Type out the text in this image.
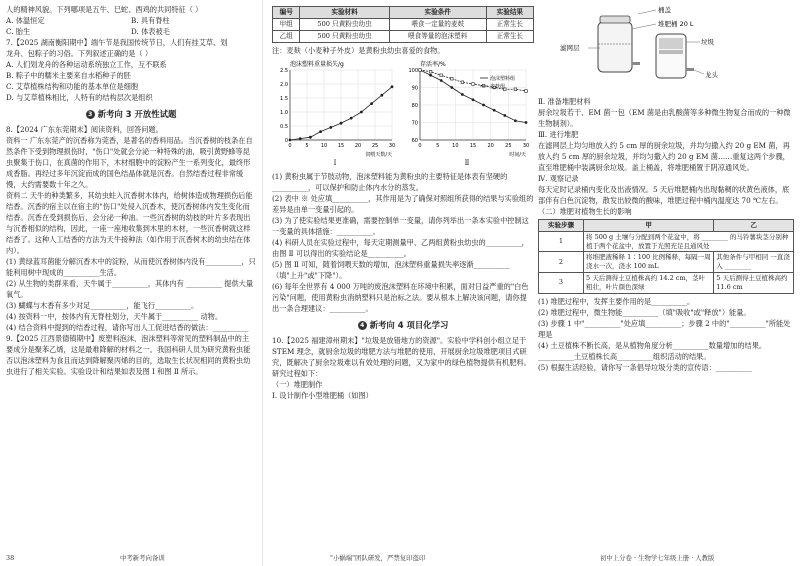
人的精神风貌。下列哪项是五牛、巳蛇、酉鸡的共同特征（ ）

A. 体温恒定	B. 具有脊柱
C. 胎生	D. 体表被毛

7.【2025 湖南衡阳期中】端午节是我国传统节日，人们有挂艾草、划

龙舟、包粽子的习俗。下列叙述正确的是（ ）

A. 人们划龙舟的各种运动系统独立工作，互不联系

B. 粽子中的糯米主要来自水稻种子的胚

C. 艾草植株结构和功能的基本单位是细胞

D. 与艾草植株相比，人特有的结构层次是组织

3 新考向 3 开放性试题

8.【2024 广东东莞期末】阅读资料，回答问题。

资料一 广东东莞产的沉香称为莞香，是著名的香料用品。当沉香树的枝条在自然条件下受到物理损伤时，"伤口"处就会分泌一种特殊的油，吸引黄野蜂等昆虫聚集于伤口，在真菌的作用下，木材细胞中的淀粉产生一系列变化，最终形成香脂。再经过多年沉淀而成的国色结晶体就是沉香。自然结香过程非常缓慢，大约需要数十年之久。

资料二 天牛的种类繁多，其幼虫蛀入沉香树木体内，给树体造成物理损伤后能结香。沉香的宿主以在宿主的"伤口"处侵入沉香木，使沉香树体内发生变化而结香。沉香在受到损伤后，会分泌一种油。一些沉香树的幼枝的叶片多表现出与沉香相似的结构，因此，一座一座地收集到木里的木材，一些沉香树就这样结香了。这种人工结香的方法为天牛接种法（如作用于沉香树木的幼虫结在体内）。

(1) 黄绿蓝耳菌能分解沉香木中的淀粉，从而使沉香树体内没有__________，只能利用树中现成的__________生活。

(2) 从生物的类群来看，天牛属于__________，其体内有 __________ 提供大量氧气。

(3) 蝴蝶与木香有多少对足__________，能飞行__________。

(4) 按资料一中，按体内有无脊柱划分，天牛属于__________ 动物。

(4) 结合资料中提到的结香过程，请你写出人工促进结香的做法：__________

9.【2025 江西景德镇期中】废塑料泡沫、泡沫塑料等常见的塑料制品中的主要成分是聚苯乙烯，这是最难降解的材料之一。我国科研人员为研究黄粉虫能否以泡沫塑料为食且而达到降解聚丙烯的目的，选取生长状况相同的黄粉虫幼虫进行了相关实验。实验设计和结果如表及图 Ⅰ 和图 Ⅱ 所示。

编号	实验材料	实验条件	实验结果
甲组	500 只黄粉虫幼虫	喂食一定量的麦麸	正常生长
乙组	500 只黄粉虫幼虫	喂食等量的泡沫塑料	正常生长

注：麦麸（小麦种子外皮）是黄粉虫幼虫喜爱的食物。

泡沫塑料重量损失/g
0
0.5
1.0
1.5
2.0
2.5
0	5 10 15 20 25 30
饲喂天数/天
Ⅰ
存活率/%
60
70
80
90
100
0	5	10 15 20 25 30
时间/天
泡沫塑料组
麦麸组
Ⅱ

(1) 黄粉虫属于节肢动物，泡沫塑料能为黄粉虫的主要特征是体表有坚硬的__________，可以保护和防止体内水分的蒸发。

(2) 表中 ※ 处应填__________，其作用是为了确保对照组所获得的结果与实验组的差异是由单一变量引起的。

(3) 为了使实验结果更准确，需要控制单一变量，请你列举出一条本实验中控制这一变量的具体措施：__________。

(4) 科研人员在实验过程中，每天定期测量甲、乙两组黄粉虫幼虫的__________，由图 Ⅱ 可以得出的实验结论是__________。

(5) 图 Ⅱ 可知，随着饲喂天数的增加，泡沫塑料重量损失率逐渐__________（填"上升"或"下降"）。

(6) 每年全世界有 4 000 万吨的废泡沫塑料在环境中积累，面对日益严重的"白色污染"问题，使用黄粉虫消纳塑料只是治标之法。要从根本上解决该问题，请你提出一条合理建议：__________。

4 新考向 4 项目化学习

10.【2025 福建漳州期末】"垃圾是放错地方的资源"。实验中学科创小组立足于 STEM 理念，就厨余垃圾的堆肥方法与堆肥的使用，开展厨余垃圾堆肥项目式研究，既解决了厨余垃圾难以有效处理的问题，又为家中的绿色植物提供有机肥料。研究过程如下：

（一）堆肥制作

Ⅰ. 设计制作小型堆肥桶（如图）

桶盖
堆肥桶 20 L
滤网层
垃圾
龙头

Ⅱ. 准备堆肥材料

厨余垃圾若干、EM 菌一包（EM 菌是由乳酸菌等多种微生物复合而成的一种微生物制剂）。

Ⅲ. 进行堆肥

在滤网层上均匀地放入约 5 cm 厚的厨余垃圾，并均匀撒入约 20 g EM 菌，再放入约 5 cm 厚的厨余垃圾，并均匀撒入约 20 g EM 菌……重复这两个步骤，直至堆肥桶中装满厨余垃圾。盖上桶盖，将堆肥桶置于阴凉通风处。

Ⅳ. 观察记录

每天定时记录桶内变化及出液情况。5 天后堆肥桶内出现黏稠的状黄色液体，底部伴有白色沉淀物，散发出较微的酸味，堆肥过程中桶内温度达 70 ℃左右。

（二）堆肥对植物生长的影响

实验步骤	甲	乙
1	将 500 g 土壤与分配到两个花盆中，将 ________ 的马铃薯块茎分别种植于两个花盆中，放置于光照充足且通风处	
2	将堆肥液稀释 1∶100 比例稀释，每隔一周浇水一次，浇水 100 mL	其他条件与甲相同 一直浇入 ________
3	5 天后测得土豆植株高约 14.2 cm，茎叶粗壮，叶片颜色深绿	5 天后测得土豆植株高约 11.6 cm

(1) 堆肥过程中，发挥主要作用的是__________。

(2) 堆肥过程中，微生物能__________（填"吸收"或"释放"）能量。

(3) 步骤 1 中"__________"处应填__________；步骤 2 中的"__________"所能处理是

(4) 土豆植株不断长高，是从植物角度分析__________数量增加的结果。

__________土豆植株长高__________组织活动的结果。

(5) 根据生活经验，请你写一条倡导垃圾分类的宣传语：__________

38	中考新考向备训	"小蜗端"团队研发，严禁复印盗印	初中上分卷 · 生物学七年级上册 · 人教版
